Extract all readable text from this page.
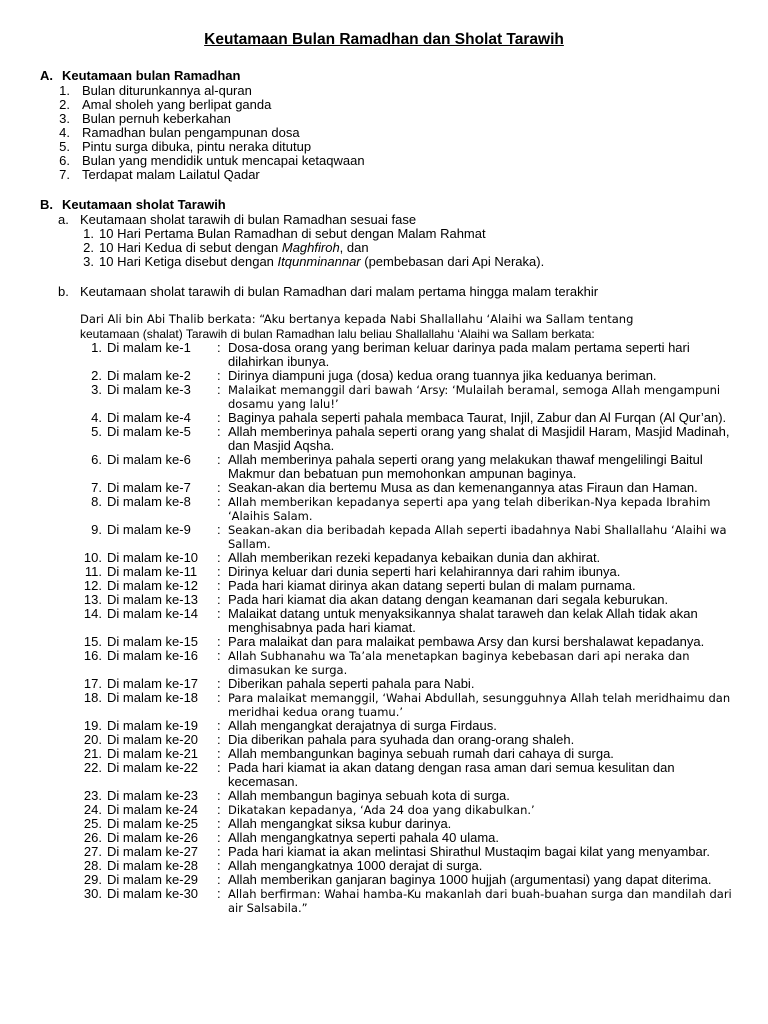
Keutamaan Bulan Ramadhan dan Sholat Tarawih
A. Keutamaan bulan Ramadhan
1. Bulan diturunkannya al-quran
2. Amal sholeh yang berlipat ganda
3. Bulan pernuh keberkahan
4. Ramadhan bulan pengampunan dosa
5. Pintu surga dibuka, pintu neraka ditutup
6. Bulan yang mendidik untuk mencapai ketaqwaan
7. Terdapat malam Lailatul Qadar
B. Keutamaan sholat Tarawih
a. Keutamaan sholat tarawih di bulan Ramadhan sesuai fase
1. 10 Hari Pertama Bulan Ramadhan di sebut dengan Malam Rahmat
2. 10 Hari Kedua di sebut dengan Maghfiroh, dan
3. 10 Hari Ketiga disebut dengan Itqunminannar (pembebasan dari Api Neraka).
b. Keutamaan sholat tarawih di bulan Ramadhan dari malam pertama hingga malam terakhir
Dari Ali bin Abi Thalib berkata: “Aku bertanya kepada Nabi Shallallahu ‘Alaihi wa Sallam tentang
keutamaan (shalat) Tarawih di bulan Ramadhan lalu beliau Shallallahu ‘Alaihi wa Sallam berkata:
1. Di malam ke-1 : Dosa-dosa orang yang beriman keluar darinya pada malam pertama seperti hari dilahirkan ibunya.
2. Di malam ke-2 : Dirinya diampuni juga (dosa) kedua orang tuannya jika keduanya beriman.
3. Di malam ke-3 : Malaikat memanggil dari bawah ‘Arsy: ‘Mulailah beramal, semoga Allah mengampuni dosamu yang lalu!’
4. Di malam ke-4 : Baginya pahala seperti pahala membaca Taurat, Injil, Zabur dan Al Furqan (Al Qur’an).
5. Di malam ke-5 : Allah memberinya pahala seperti orang yang shalat di Masjidil Haram, Masjid Madinah, dan Masjid Aqsha.
6. Di malam ke-6 : Allah memberinya pahala seperti orang yang melakukan thawaf mengelilingi Baitul Makmur dan bebatuan pun memohonkan ampunan baginya.
7. Di malam ke-7 : Seakan-akan dia bertemu Musa as dan kemenangannya atas Firaun dan Haman.
8. Di malam ke-8 : Allah memberikan kepadanya seperti apa yang telah diberikan-Nya kepada Ibrahim ‘Alaihis Salam.
9. Di malam ke-9 : Seakan-akan dia beribadah kepada Allah seperti ibadahnya Nabi Shallallahu ‘Alaihi wa Sallam.
10. Di malam ke-10 : Allah memberikan rezeki kepadanya kebaikan dunia dan akhirat.
11. Di malam ke-11 : Dirinya keluar dari dunia seperti hari kelahirannya dari rahim ibunya.
12. Di malam ke-12 : Pada hari kiamat dirinya akan datang seperti bulan di malam purnama.
13. Di malam ke-13 : Pada hari kiamat dia akan datang dengan keamanan dari segala keburukan.
14. Di malam ke-14 : Malaikat datang untuk menyaksikannya shalat taraweh dan kelak Allah tidak akan menghisabnya pada hari kiamat.
15. Di malam ke-15 : Para malaikat dan para malaikat pembawa Arsy dan kursi bershalawat kepadanya.
16. Di malam ke-16 : Allah Subhanahu wa Ta’ala menetapkan baginya kebebasan dari api neraka dan dimasukan ke surga.
17. Di malam ke-17 : Diberikan pahala seperti pahala para Nabi.
18. Di malam ke-18 : Para malaikat memanggil, ‘Wahai Abdullah, sesungguhnya Allah telah meridhaimu dan meridhai kedua orang tuamu.’
19. Di malam ke-19 : Allah mengangkat derajatnya di surga Firdaus.
20. Di malam ke-20 : Dia diberikan pahala para syuhada dan orang-orang shaleh.
21. Di malam ke-21 : Allah membangunkan baginya sebuah rumah dari cahaya di surga.
22. Di malam ke-22 : Pada hari kiamat ia akan datang dengan rasa aman dari semua kesulitan dan kecemasan.
23. Di malam ke-23 : Allah membangun baginya sebuah kota di surga.
24. Di malam ke-24 : Dikatakan kepadanya, ‘Ada 24 doa yang dikabulkan.’
25. Di malam ke-25 : Allah mengangkat siksa kubur darinya.
26. Di malam ke-26 : Allah mengangkatnya seperti pahala 40 ulama.
27. Di malam ke-27 : Pada hari kiamat ia akan melintasi Shirathul Mustaqim bagai kilat yang menyambar.
28. Di malam ke-28 : Allah mengangkatnya 1000 derajat di surga.
29. Di malam ke-29 : Allah memberikan ganjaran baginya 1000 hujjah (argumentasi) yang dapat diterima.
30. Di malam ke-30 : Allah berfirman: Wahai hamba-Ku makanlah dari buah-buahan surga dan mandilah dari air Salsabila.”
